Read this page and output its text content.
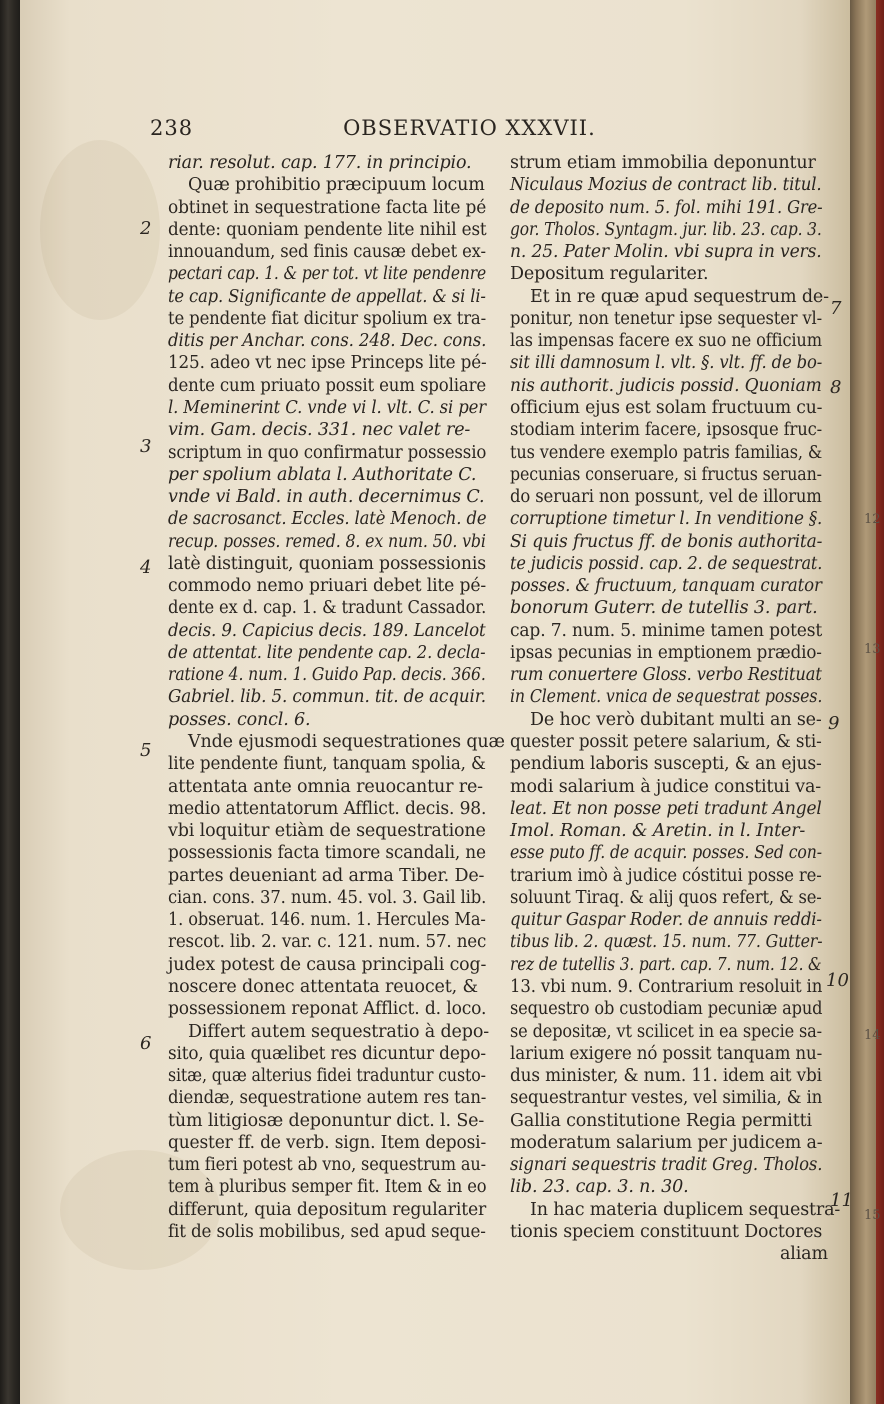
238	OBSERVATIO XXXVII.
riar. resolut. cap. 177. in principio.
Quæ prohibitio præcipuum locum
obtinet in sequestratione facta lite pé
dente: quoniam pendente lite nihil est
innouandum, sed finis causæ debet ex-
pectari cap. 1. & per tot. vt lite pendenre
te cap. Significante de appellat. & si li-
te pendente fiat dicitur spolium ex tra-
ditis per Anchar. cons. 248. Dec. cons.
125. adeo vt nec ipse Princeps lite pé-
dente cum priuato possit eum spoliare
l. Meminerint C. vnde vi l. vlt. C. si per
vim. Gam. decis. 331. nec valet re-
scriptum in quo confirmatur possessio
per spolium ablata l. Authoritate C.
vnde vi Bald. in auth. decernimus C.
de sacrosanct. Eccles. latè Menoch. de
recup. posses. remed. 8. ex num. 50. vbi
latè distinguit, quoniam possessionis
commodo nemo priuari debet lite pé-
dente ex d. cap. 1. & tradunt Cassador.
decis. 9. Capicius decis. 189. Lancelot
de attentat. lite pendente cap. 2. decla-
ratione 4. num. 1. Guido Pap. decis. 366.
Gabriel. lib. 5. commun. tit. de acquir.
posses. concl. 6.
Vnde ejusmodi sequestrationes quæ
lite pendente fiunt, tanquam spolia, &
attentata ante omnia reuocantur re-
medio attentatorum Afflict. decis. 98.
vbi loquitur etiàm de sequestratione
possessionis facta timore scandali, ne
partes deueniant ad arma Tiber. De-
cian. cons. 37. num. 45. vol. 3. Gail lib.
1. obseruat. 146. num. 1. Hercules Ma-
rescot. lib. 2. var. c. 121. num. 57. nec
judex potest de causa principali cog-
noscere donec attentata reuocet, &
possessionem reponat Afflict. d. loco.
Differt autem sequestratio à depo-
sito, quia quælibet res dicuntur depo-
sitæ, quæ alterius fidei traduntur custo-
diendæ, sequestratione autem res tan-
tùm litigiosæ deponuntur dict. l. Se-
quester ff. de verb. sign. Item deposi-
tum fieri potest ab vno, sequestrum au-
tem à pluribus semper fit. Item & in eo
differunt, quia depositum regulariter
fit de solis mobilibus, sed apud seque-
strum etiam immobilia deponuntur
Niculaus Mozius de contract lib. titul.
de deposito num. 5. fol. mihi 191. Gre-
gor. Tholos. Syntagm. jur. lib. 23. cap. 3.
n. 25. Pater Molin. vbi supra in vers.
Depositum regulariter.
Et in re quæ apud sequestrum de-
ponitur, non tenetur ipse sequester vl-
las impensas facere ex suo ne officium
sit illi damnosum l. vlt. §. vlt. ff. de bo-
nis authorit. judicis possid. Quoniam
officium ejus est solam fructuum cu-
stodiam interim facere, ipsosque fruc-
tus vendere exemplo patris familias, &
pecunias conseruare, si fructus seruan-
do seruari non possunt, vel de illorum
corruptione timetur l. In venditione §.
Si quis fructus ff. de bonis authorita-
te judicis possid. cap. 2. de sequestrat.
posses. & fructuum, tanquam curator
bonorum Guterr. de tutellis 3. part.
cap. 7. num. 5. minime tamen potest
ipsas pecunias in emptionem prædio-
rum conuertere Gloss. verbo Restituat
in Clement. vnica de sequestrat posses.
De hoc verò dubitant multi an se-
quester possit petere salarium, & sti-
pendium laboris suscepti, & an ejus-
modi salarium à judice constitui va-
leat. Et non posse peti tradunt Angel
Imol. Roman. & Aretin. in l. Inter-
esse puto ff. de acquir. posses. Sed con-
trarium imò à judice cóstitui posse re-
soluunt Tiraq. & alij quos refert, & se-
quitur Gaspar Roder. de annuis reddi-
tibus lib. 2. quæst. 15. num. 77. Gutter-
rez de tutellis 3. part. cap. 7. num. 12. &
13. vbi num. 9. Contrarium resoluit in
sequestro ob custodiam pecuniæ apud
se depositæ, vt scilicet in ea specie sa-
larium exigere nó possit tanquam nu-
dus minister, & num. 11. idem ait vbi
sequestrantur vestes, vel similia, & in
Gallia constitutione Regia permitti
moderatum salarium per judicem a-
signari sequestris tradit Greg. Tholos.
lib. 23. cap. 3. n. 30.
In hac materia duplicem sequestra-
tionis speciem constituunt Doctores
aliam
2
3
4
5
6
7
8
9
10
11
12
13
14
15
